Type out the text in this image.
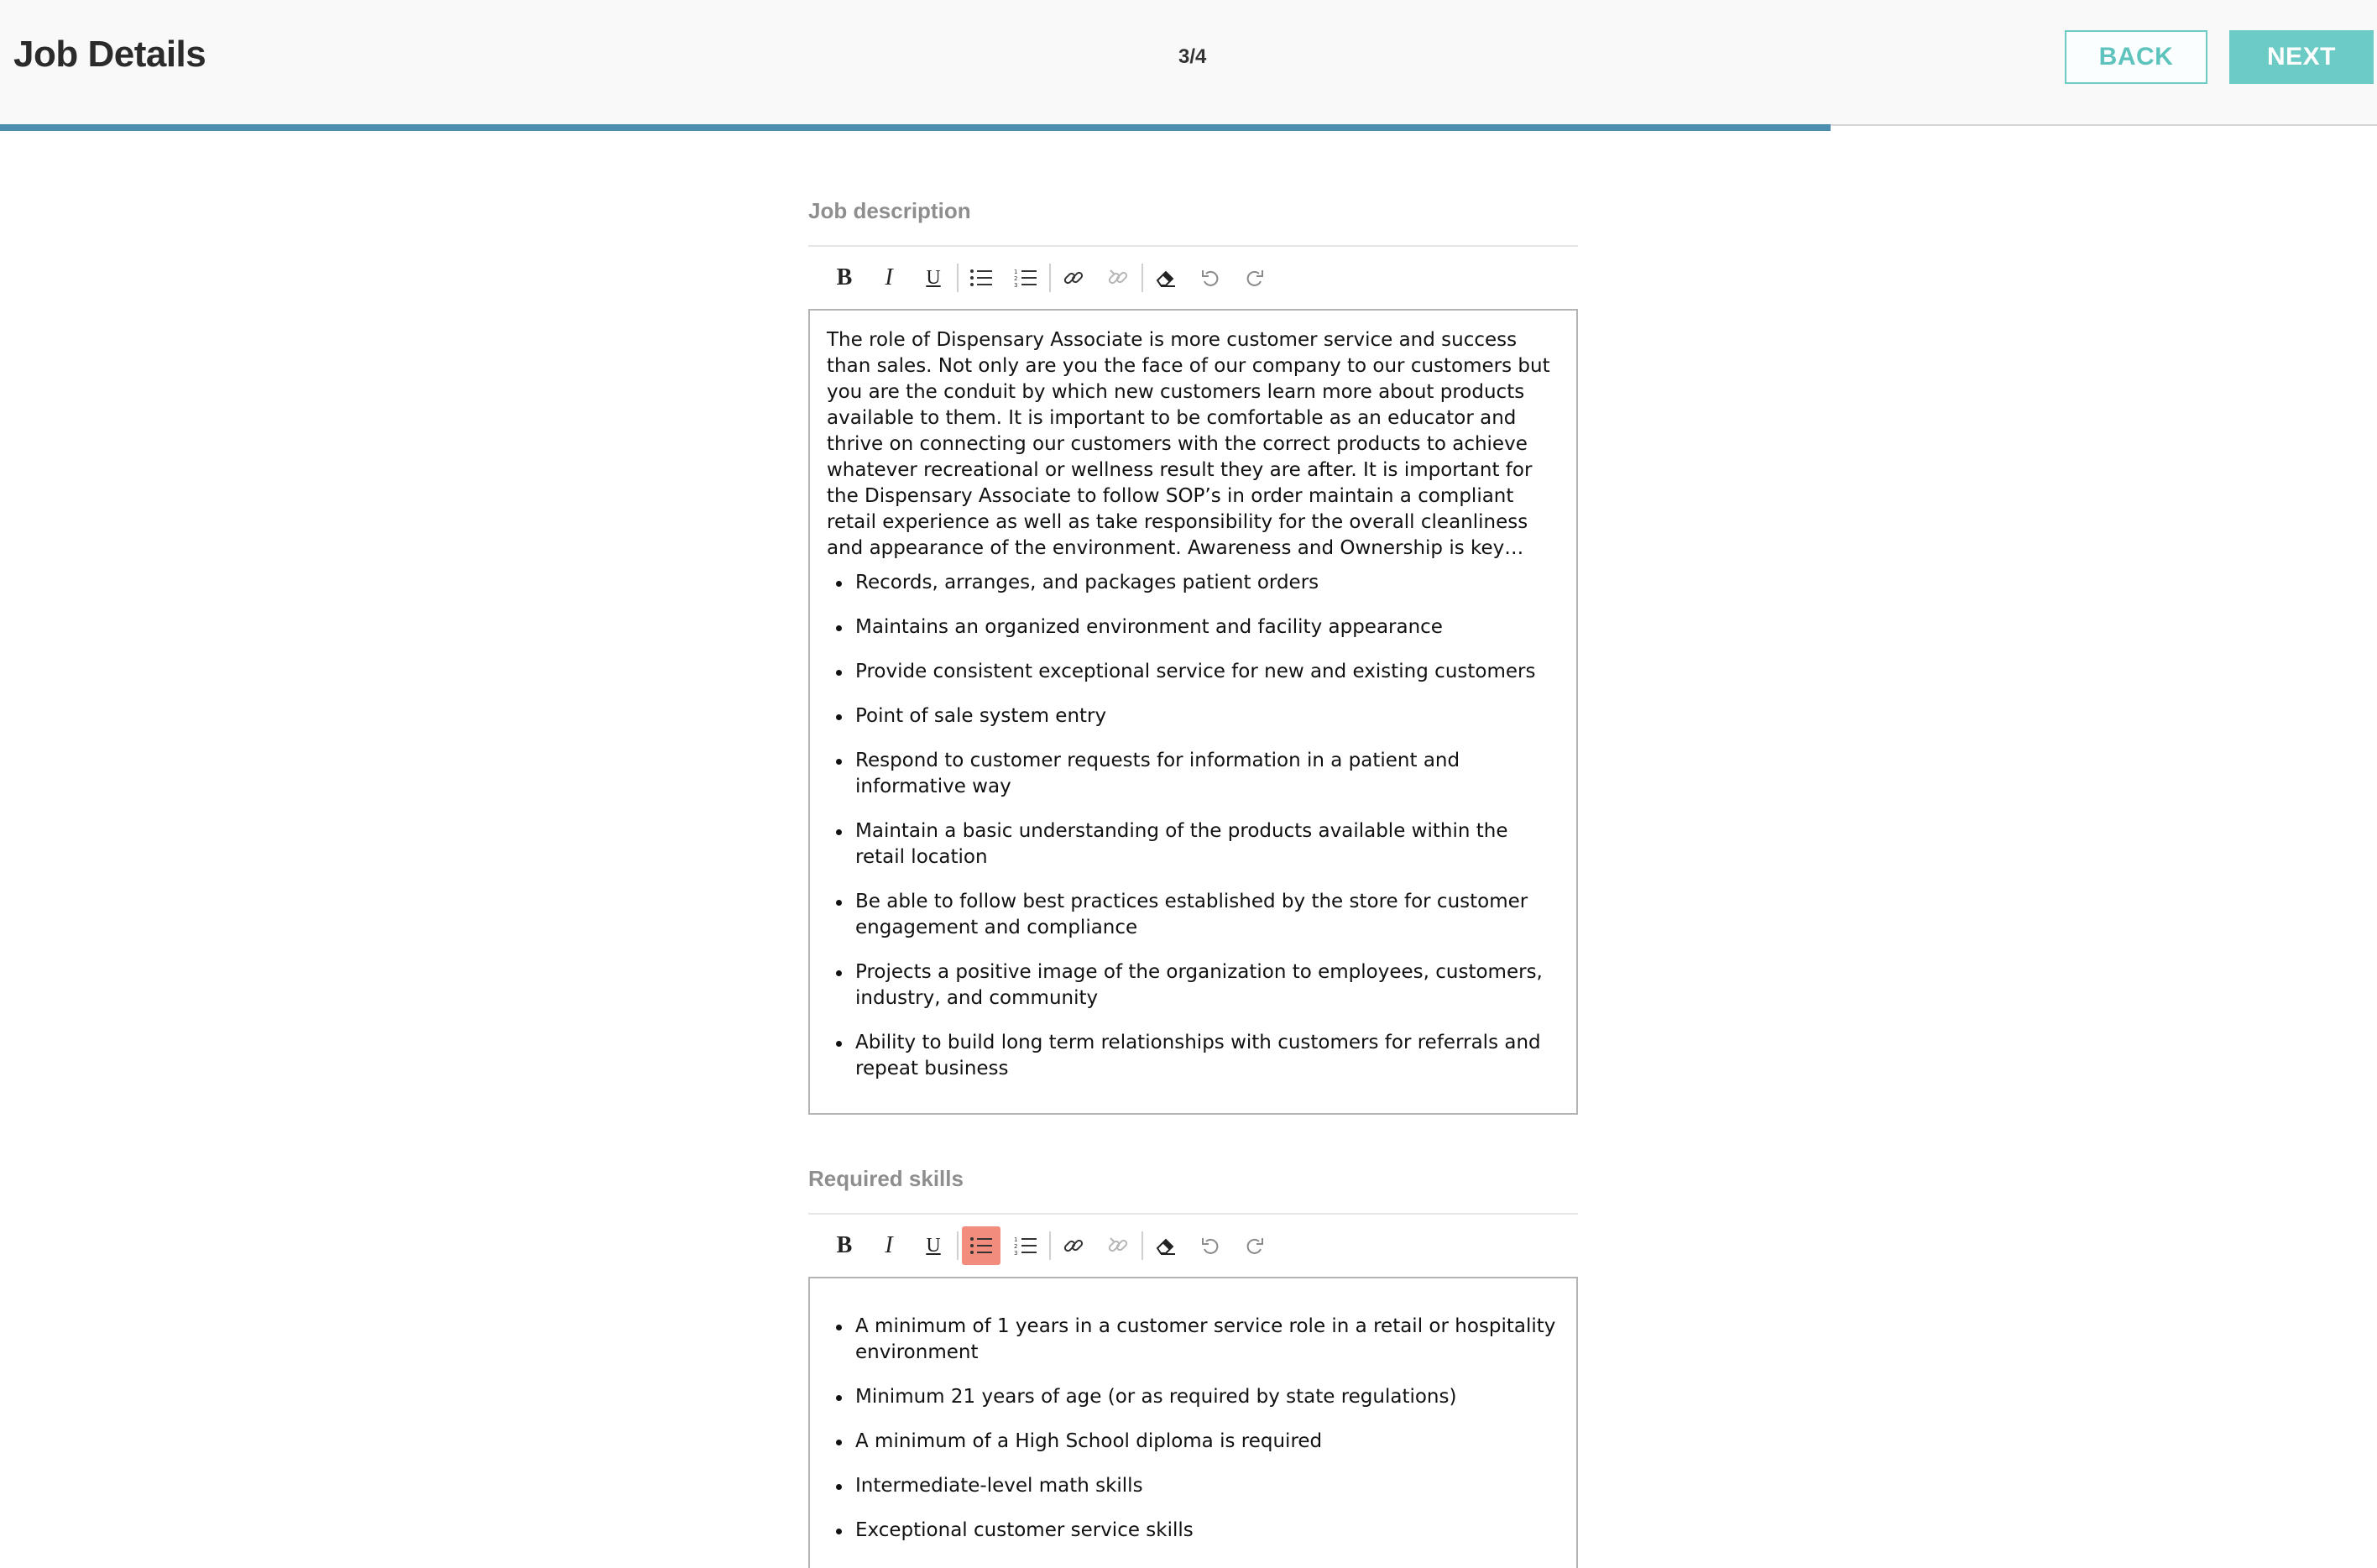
Job Details	3/4	BACK	NEXT
Job description
B I U	1
2
3

The role of Dispensary Associate is more customer service and success than sales. Not only are you the face of our company to our customers but you are the conduit by which new customers learn more about products available to them. It is important to be comfortable as an educator and thrive on connecting our customers with the correct products to achieve whatever recreational or wellness result they are after. It is important for the Dispensary Associate to follow SOP’s in order maintain a compliant retail experience as well as take responsibility for the overall cleanliness and appearance of the environment. Awareness and Ownership is key…

Records, arranges, and packages patient orders
Maintains an organized environment and facility appearance
Provide consistent exceptional service for new and existing customers
Point of sale system entry
Respond to customer requests for information in a patient and informative way
Maintain a basic understanding of the products available within the retail location
Be able to follow best practices established by the store for customer engagement and compliance
Projects a positive image of the organization to employees, customers, industry, and community
Ability to build long term relationships with customers for referrals and repeat business
Required skills
B I U	1
2
3
A minimum of 1 years in a customer service role in a retail or hospitality environment
Minimum 21 years of age (or as required by state regulations)
A minimum of a High School diploma is required
Intermediate-level math skills
Exceptional customer service skills
